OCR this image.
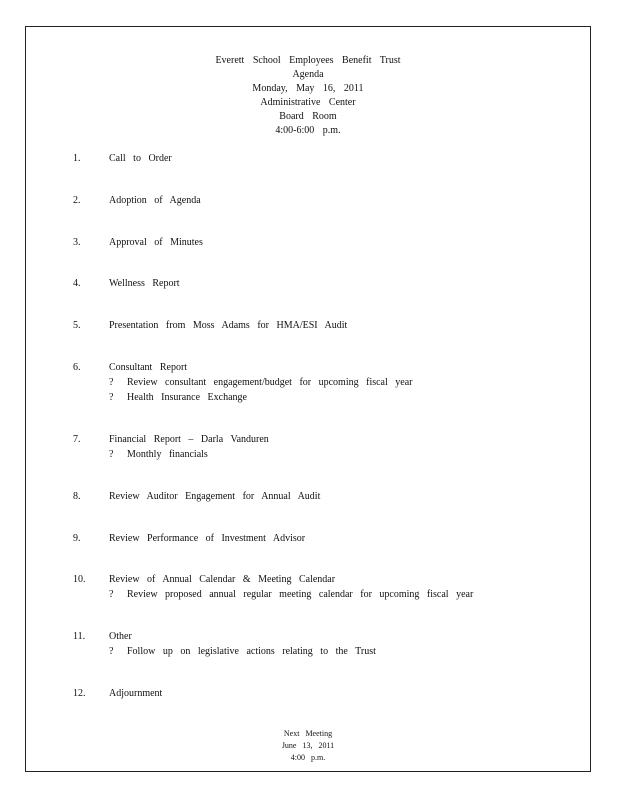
Everett School Employees Benefit Trust
Agenda
Monday, May 16, 2011
Administrative Center
Board Room
4:00-6:00 p.m.
1.	Call to Order
2.	Adoption of Agenda
3.	Approval of Minutes
4.	Wellness Report
5.	Presentation from Moss Adams for HMA/ESI Audit
6.	Consultant Report
? Review consultant engagement/budget for upcoming fiscal year
? Health Insurance Exchange
7.	Financial Report – Darla Vanduren
? Monthly financials
8.	Review Auditor Engagement for Annual Audit
9.	Review Performance of Investment Advisor
10. Review of Annual Calendar & Meeting Calendar
? Review proposed annual regular meeting calendar for upcoming fiscal year
11. Other
? Follow up on legislative actions relating to the Trust
12. Adjournment
Next Meeting
June 13, 2011
4:00 p.m.
